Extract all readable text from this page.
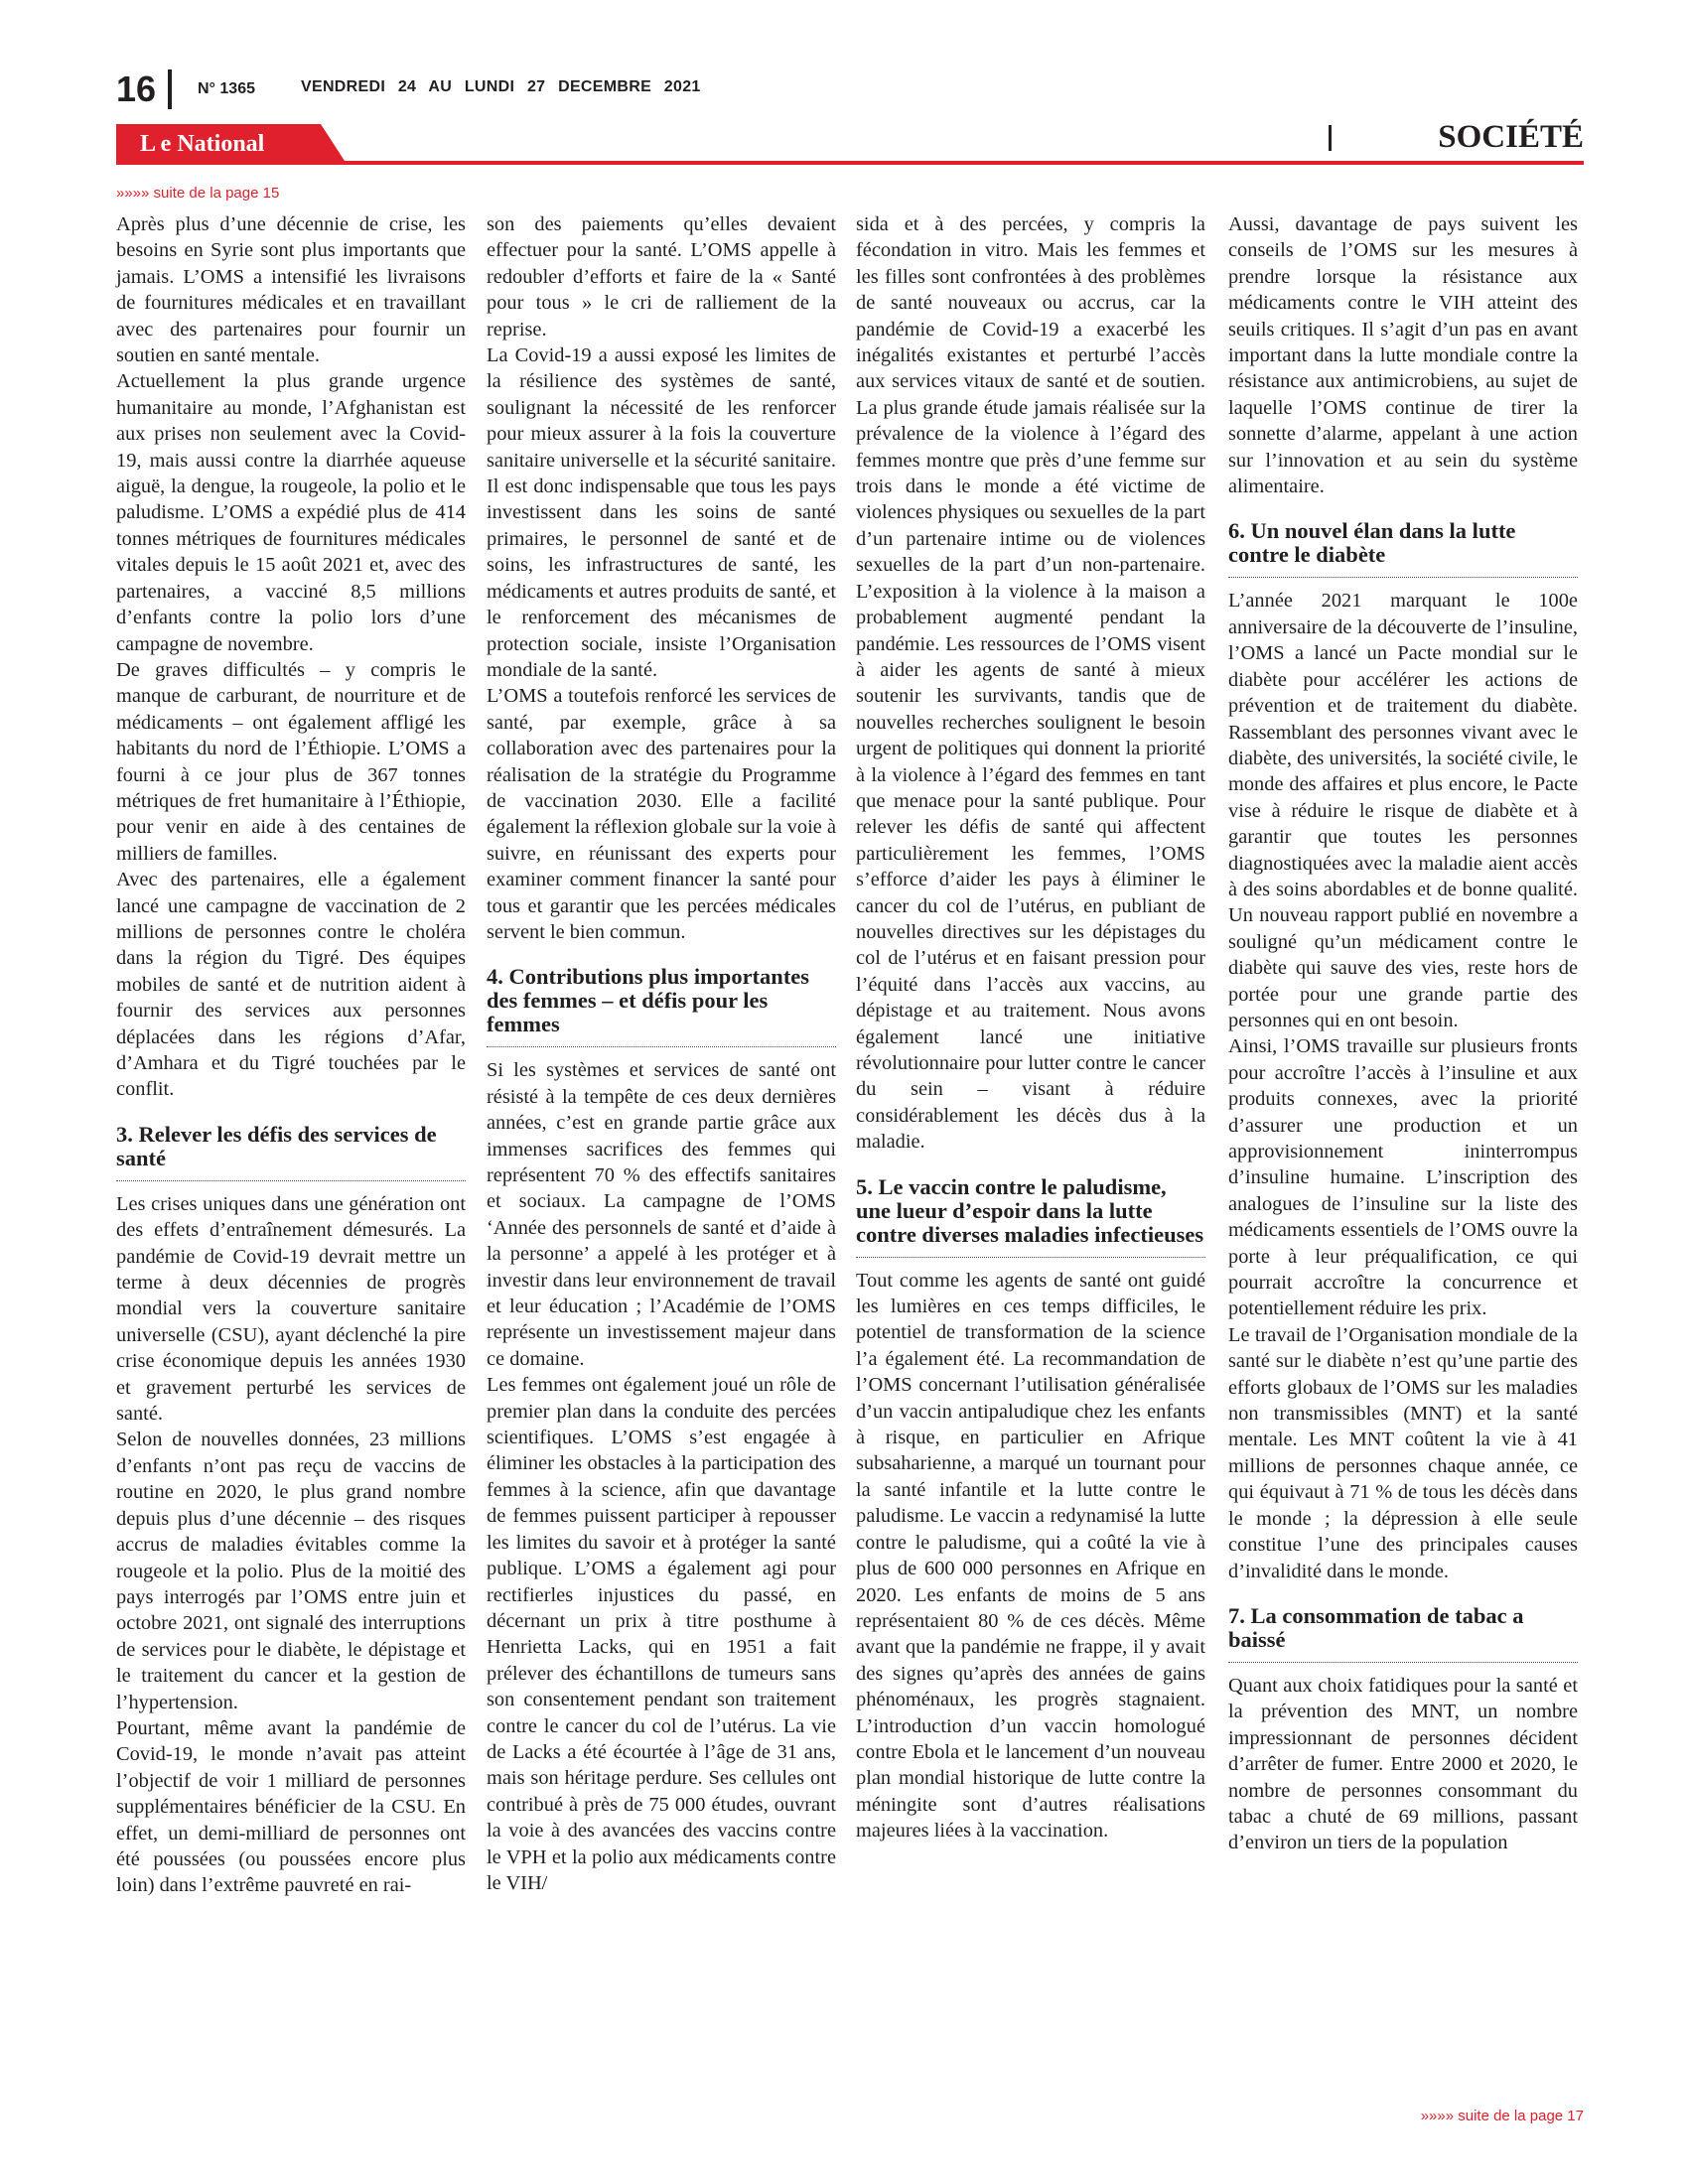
16	N° 1365	VENDREDI 24 AU LUNDI 27 DECEMBRE 2021
L e National	SOCIÉTÉ
»»»» suite de la page 15

Après plus d’une décennie de crise, les besoins en Syrie sont plus importants que jamais. L’OMS a intensifié les livraisons de fournitures médicales et en travaillant avec des partenaires pour fournir un soutien en santé mentale.

Actuellement la plus grande urgence humanitaire au monde, l’Afghanistan est aux prises non seulement avec la Covid-19, mais aussi contre la diarrhée aqueuse aiguë, la dengue, la rougeole, la polio et le paludisme. L’OMS a expédié plus de 414 tonnes métriques de fournitures médicales vitales depuis le 15 août 2021 et, avec des partenaires, a vacciné 8,5 millions d’enfants contre la polio lors d’une campagne de novembre.

De graves difficultés – y compris le manque de carburant, de nourriture et de médicaments – ont également affligé les habitants du nord de l’Éthiopie. L’OMS a fourni à ce jour plus de 367 tonnes métriques de fret humanitaire à l’Éthiopie, pour venir en aide à des centaines de milliers de familles.

Avec des partenaires, elle a également lancé une campagne de vaccination de 2 millions de personnes contre le choléra dans la région du Tigré. Des équipes mobiles de santé et de nutrition aident à fournir des services aux personnes déplacées dans les régions d’Afar, d’Amhara et du Tigré touchées par le conflit.

3. Relever les défis des services de santé

Les crises uniques dans une génération ont des effets d’entraînement démesurés. La pandémie de Covid-19 devrait mettre un terme à deux décennies de progrès mondial vers la couverture sanitaire universelle (CSU), ayant déclenché la pire crise économique depuis les années 1930 et gravement perturbé les services de santé.

Selon de nouvelles données, 23 millions d’enfants n’ont pas reçu de vaccins de routine en 2020, le plus grand nombre depuis plus d’une décennie – des risques accrus de maladies évitables comme la rougeole et la polio. Plus de la moitié des pays interrogés par l’OMS entre juin et octobre 2021, ont signalé des interruptions de services pour le diabète, le dépistage et le traitement du cancer et la gestion de l’hypertension.

Pourtant, même avant la pandémie de Covid-19, le monde n’avait pas atteint l’objectif de voir 1 milliard de personnes supplémentaires bénéficier de la CSU. En effet, un demi-milliard de personnes ont été poussées (ou poussées encore plus loin) dans l’extrême pauvreté en rai-

son des paiements qu’elles devaient effectuer pour la santé. L’OMS appelle à redoubler d’efforts et faire de la « Santé pour tous » le cri de ralliement de la reprise.

La Covid-19 a aussi exposé les limites de la résilience des systèmes de santé, soulignant la nécessité de les renforcer pour mieux assurer à la fois la couverture sanitaire universelle et la sécurité sanitaire. Il est donc indispensable que tous les pays investissent dans les soins de santé primaires, le personnel de santé et de soins, les infrastructures de santé, les médicaments et autres produits de santé, et le renforcement des mécanismes de protection sociale, insiste l’Organisation mondiale de la santé.

L’OMS a toutefois renforcé les services de santé, par exemple, grâce à sa collaboration avec des partenaires pour la réalisation de la stratégie du Programme de vaccination 2030. Elle a facilité également la réflexion globale sur la voie à suivre, en réunissant des experts pour examiner comment financer la santé pour tous et garantir que les percées médicales servent le bien commun.

4. Contributions plus importantes des femmes – et défis pour les femmes

Si les systèmes et services de santé ont résisté à la tempête de ces deux dernières années, c’est en grande partie grâce aux immenses sacrifices des femmes qui représentent 70 % des effectifs sanitaires et sociaux. La campagne de l’OMS ‘Année des personnels de santé et d’aide à la personne’ a appelé à les protéger et à investir dans leur environnement de travail et leur éducation ; l’Académie de l’OMS représente un investissement majeur dans ce domaine.

Les femmes ont également joué un rôle de premier plan dans la conduite des percées scientifiques. L’OMS s’est engagée à éliminer les obstacles à la participation des femmes à la science, afin que davantage de femmes puissent participer à repousser les limites du savoir et à protéger la santé publique. L’OMS a également agi pour rectifierles injustices du passé, en décernant un prix à titre posthume à Henrietta Lacks, qui en 1951 a fait prélever des échantillons de tumeurs sans son consentement pendant son traitement contre le cancer du col de l’utérus. La vie de Lacks a été écourtée à l’âge de 31 ans, mais son héritage perdure. Ses cellules ont contribué à près de 75 000 études, ouvrant la voie à des avancées des vaccins contre le VPH et la polio aux médicaments contre le VIH/

sida et à des percées, y compris la fécondation in vitro. Mais les femmes et les filles sont confrontées à des problèmes de santé nouveaux ou accrus, car la pandémie de Covid-19 a exacerbé les inégalités existantes et perturbé l’accès aux services vitaux de santé et de soutien. La plus grande étude jamais réalisée sur la prévalence de la violence à l’égard des femmes montre que près d’une femme sur trois dans le monde a été victime de violences physiques ou sexuelles de la part d’un partenaire intime ou de violences sexuelles de la part d’un non-partenaire. L’exposition à la violence à la maison a probablement augmenté pendant la pandémie. Les ressources de l’OMS visent à aider les agents de santé à mieux soutenir les survivants, tandis que de nouvelles recherches soulignent le besoin urgent de politiques qui donnent la priorité à la violence à l’égard des femmes en tant que menace pour la santé publique. Pour relever les défis de santé qui affectent particulièrement les femmes, l’OMS s’efforce d’aider les pays à éliminer le cancer du col de l’utérus, en publiant de nouvelles directives sur les dépistages du col de l’utérus et en faisant pression pour l’équité dans l’accès aux vaccins, au dépistage et au traitement. Nous avons également lancé une initiative révolutionnaire pour lutter contre le cancer du sein – visant à réduire considérablement les décès dus à la maladie.

5. Le vaccin contre le paludisme, une lueur d’espoir dans la lutte contre diverses maladies infectieuses

Tout comme les agents de santé ont guidé les lumières en ces temps difficiles, le potentiel de transformation de la science l’a également été. La recommandation de l’OMS concernant l’utilisation généralisée d’un vaccin antipaludique chez les enfants à risque, en particulier en Afrique subsaharienne, a marqué un tournant pour la santé infantile et la lutte contre le paludisme. Le vaccin a redynamisé la lutte contre le paludisme, qui a coûté la vie à plus de 600 000 personnes en Afrique en 2020. Les enfants de moins de 5 ans représentaient 80 % de ces décès. Même avant que la pandémie ne frappe, il y avait des signes qu’après des années de gains phénoménaux, les progrès stagnaient. L’introduction d’un vaccin homologué contre Ebola et le lancement d’un nouveau plan mondial historique de lutte contre la méningite sont d’autres réalisations majeures liées à la vaccination.

Aussi, davantage de pays suivent les conseils de l’OMS sur les mesures à prendre lorsque la résistance aux médicaments contre le VIH atteint des seuils critiques. Il s’agit d’un pas en avant important dans la lutte mondiale contre la résistance aux antimicrobiens, au sujet de laquelle l’OMS continue de tirer la sonnette d’alarme, appelant à une action sur l’innovation et au sein du système alimentaire.

6. Un nouvel élan dans la lutte contre le diabète

L’année 2021 marquant le 100e anniversaire de la découverte de l’insuline, l’OMS a lancé un Pacte mondial sur le diabète pour accélérer les actions de prévention et de traitement du diabète. Rassemblant des personnes vivant avec le diabète, des universités, la société civile, le monde des affaires et plus encore, le Pacte vise à réduire le risque de diabète et à garantir que toutes les personnes diagnostiquées avec la maladie aient accès à des soins abordables et de bonne qualité. Un nouveau rapport publié en novembre a souligné qu’un médicament contre le diabète qui sauve des vies, reste hors de portée pour une grande partie des personnes qui en ont besoin.

Ainsi, l’OMS travaille sur plusieurs fronts pour accroître l’accès à l’insuline et aux produits connexes, avec la priorité d’assurer une production et un approvisionnement ininterrompus d’insuline humaine. L’inscription des analogues de l’insuline sur la liste des médicaments essentiels de l’OMS ouvre la porte à leur préqualification, ce qui pourrait accroître la concurrence et potentiellement réduire les prix.

Le travail de l’Organisation mondiale de la santé sur le diabète n’est qu’une partie des efforts globaux de l’OMS sur les maladies non transmissibles (MNT) et la santé mentale. Les MNT coûtent la vie à 41 millions de personnes chaque année, ce qui équivaut à 71 % de tous les décès dans le monde ; la dépression à elle seule constitue l’une des principales causes d’invalidité dans le monde.

7. La consommation de tabac a baissé

Quant aux choix fatidiques pour la santé et la prévention des MNT, un nombre impressionnant de personnes décident d’arrêter de fumer. Entre 2000 et 2020, le nombre de personnes consommant du tabac a chuté de 69 millions, passant d’environ un tiers de la population

»»»» suite de la page 17
